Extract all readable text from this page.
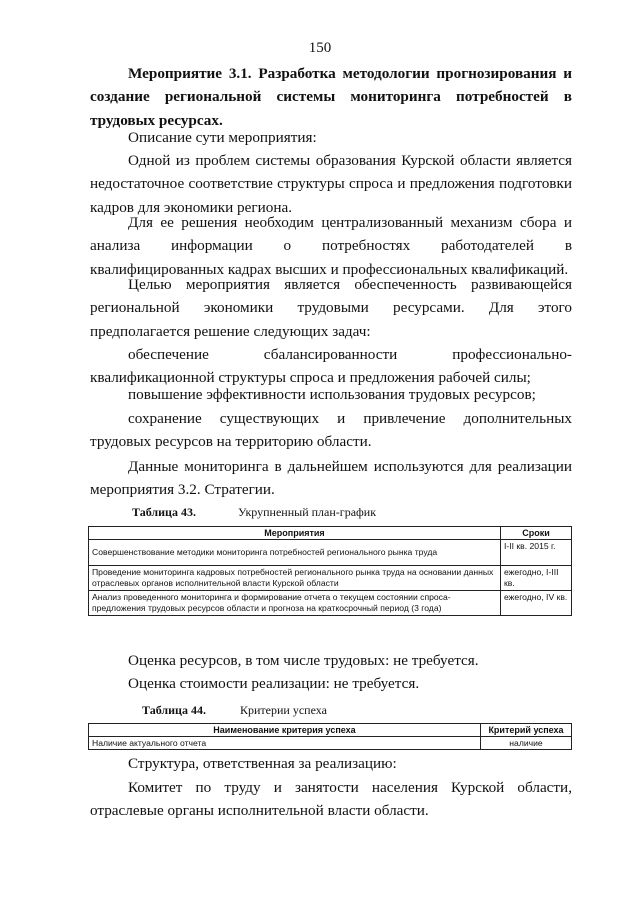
150
Мероприятие 3.1. Разработка методологии прогнозирования и создание региональной системы мониторинга потребностей в трудовых ресурсах.
Описание сути мероприятия:
Одной из проблем системы образования Курской области является недостаточное соответствие структуры спроса и предложения подготовки кадров для экономики региона.
Для ее решения необходим централизованный механизм сбора и анализа информации о потребностях работодателей в квалифицированных кадрах высших и профессиональных квалификаций.
Целью мероприятия является обеспеченность развивающейся региональной экономики трудовыми ресурсами. Для этого предполагается решение следующих задач:
обеспечение сбалансированности профессионально-квалификационной структуры спроса и предложения рабочей силы;
повышение эффективности использования трудовых ресурсов;
сохранение существующих и привлечение дополнительных трудовых ресурсов на территорию области.
Данные мониторинга в дальнейшем используются для реализации мероприятия 3.2. Стратегии.
Таблица 43.	Укрупненный план-график
Мероприятия	Сроки
Совершенствование методики мониторинга потребностей регионального рынка труда	I-II кв. 2015 г.
Проведение мониторинга кадровых потребностей регионального рынка труда на основании данных отраслевых органов исполнительной власти Курской области	ежегодно, I-III кв.
Анализ проведенного мониторинга и формирование отчета о текущем состоянии спроса-предложения трудовых ресурсов области и прогноза на краткосрочный период (3 года)	ежегодно, IV кв.
Оценка ресурсов, в том числе трудовых: не требуется.
Оценка стоимости реализации: не требуется.
Таблица 44.	Критерии успеха
Наименование критерия успеха	Критерий успеха
Наличие актуального отчета	наличие
Структура, ответственная за реализацию:
Комитет по труду и занятости населения Курской области, отраслевые органы исполнительной власти области.
